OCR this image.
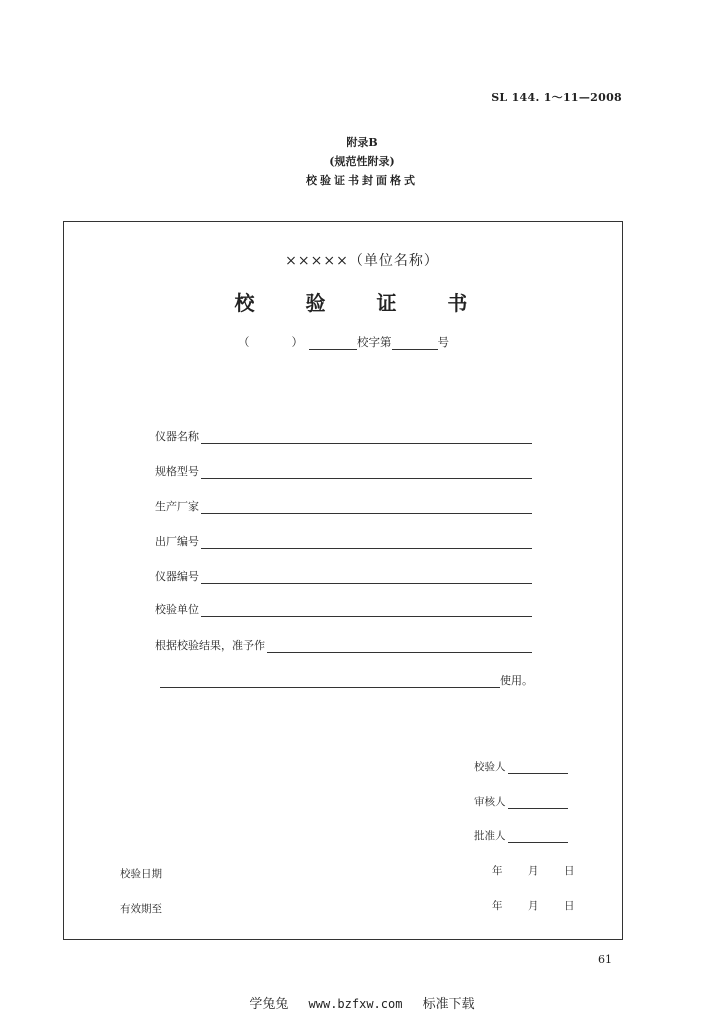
SL 144. 1～11—2008
附录B
(规范性附录)
校验证书封面格式
×××××（单位名称）
校 验 证 书
（	）	校字第	号
仪器名称
规格型号
生产厂家
出厂编号
仪器编号
校验单位
根据校验结果，准予作
使用。
校验人
审核人
批准人
校验日期	年	月	日
有效期至	年	月	日
61
学兔兔 www.bzfxw.com 标准下载
